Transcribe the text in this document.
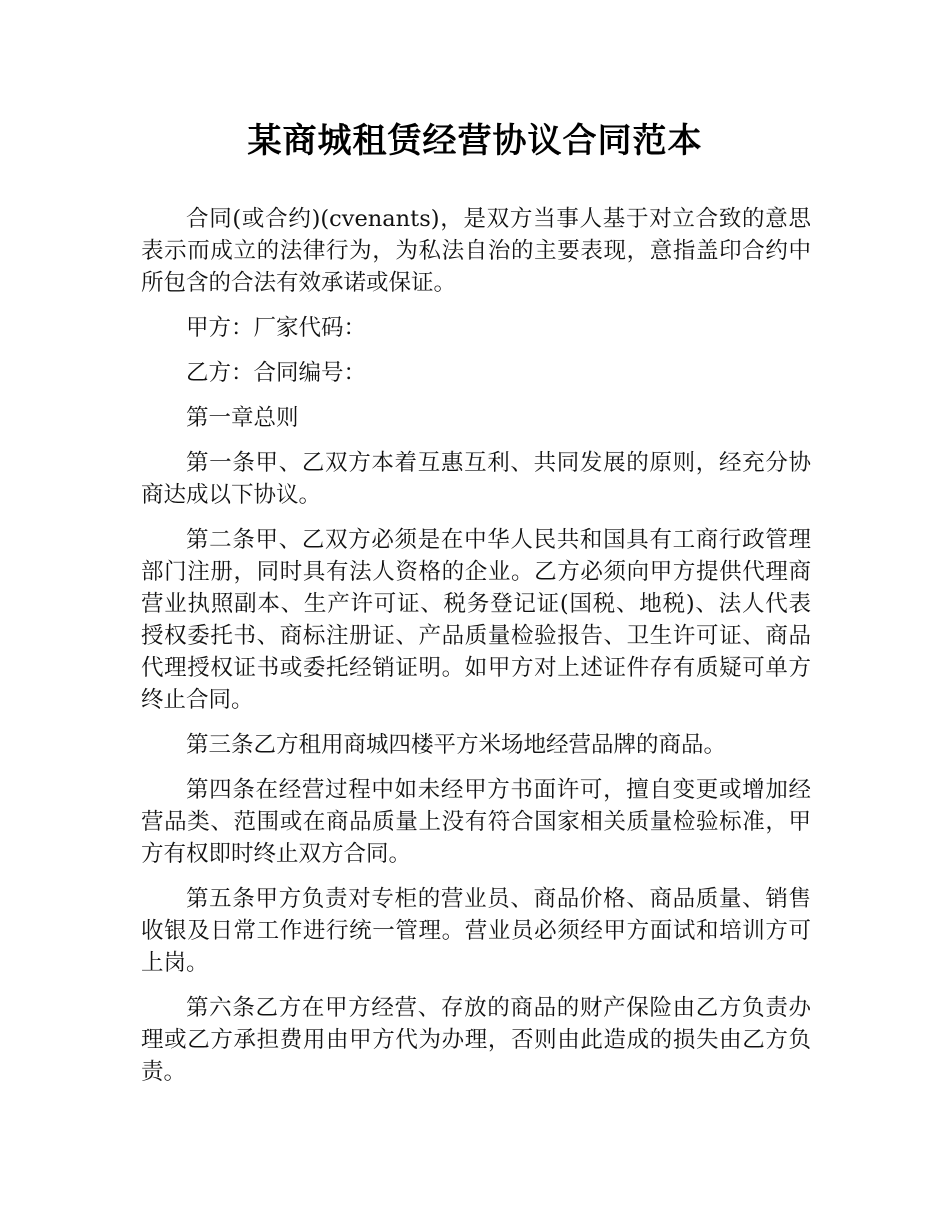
某商城租赁经营协议合同范本

合同(或合约)(cvenants)，是双方当事人基于对立合致的意思表示而成立的法律行为，为私法自治的主要表现，意指盖印合约中所包含的合法有效承诺或保证。

甲方：厂家代码：

乙方：合同编号：

第一章总则

第一条甲、乙双方本着互惠互利、共同发展的原则，经充分协商达成以下协议。

第二条甲、乙双方必须是在中华人民共和国具有工商行政管理部门注册，同时具有法人资格的企业。乙方必须向甲方提供代理商营业执照副本、生产许可证、税务登记证(国税、地税)、法人代表授权委托书、商标注册证、产品质量检验报告、卫生许可证、商品代理授权证书或委托经销证明。如甲方对上述证件存有质疑可单方终止合同。

第三条乙方租用商城四楼平方米场地经营品牌的商品。

第四条在经营过程中如未经甲方书面许可，擅自变更或增加经营品类、范围或在商品质量上没有符合国家相关质量检验标准，甲方有权即时终止双方合同。

第五条甲方负责对专柜的营业员、商品价格、商品质量、销售收银及日常工作进行统一管理。营业员必须经甲方面试和培训方可上岗。

第六条乙方在甲方经营、存放的商品的财产保险由乙方负责办理或乙方承担费用由甲方代为办理，否则由此造成的损失由乙方负责。
